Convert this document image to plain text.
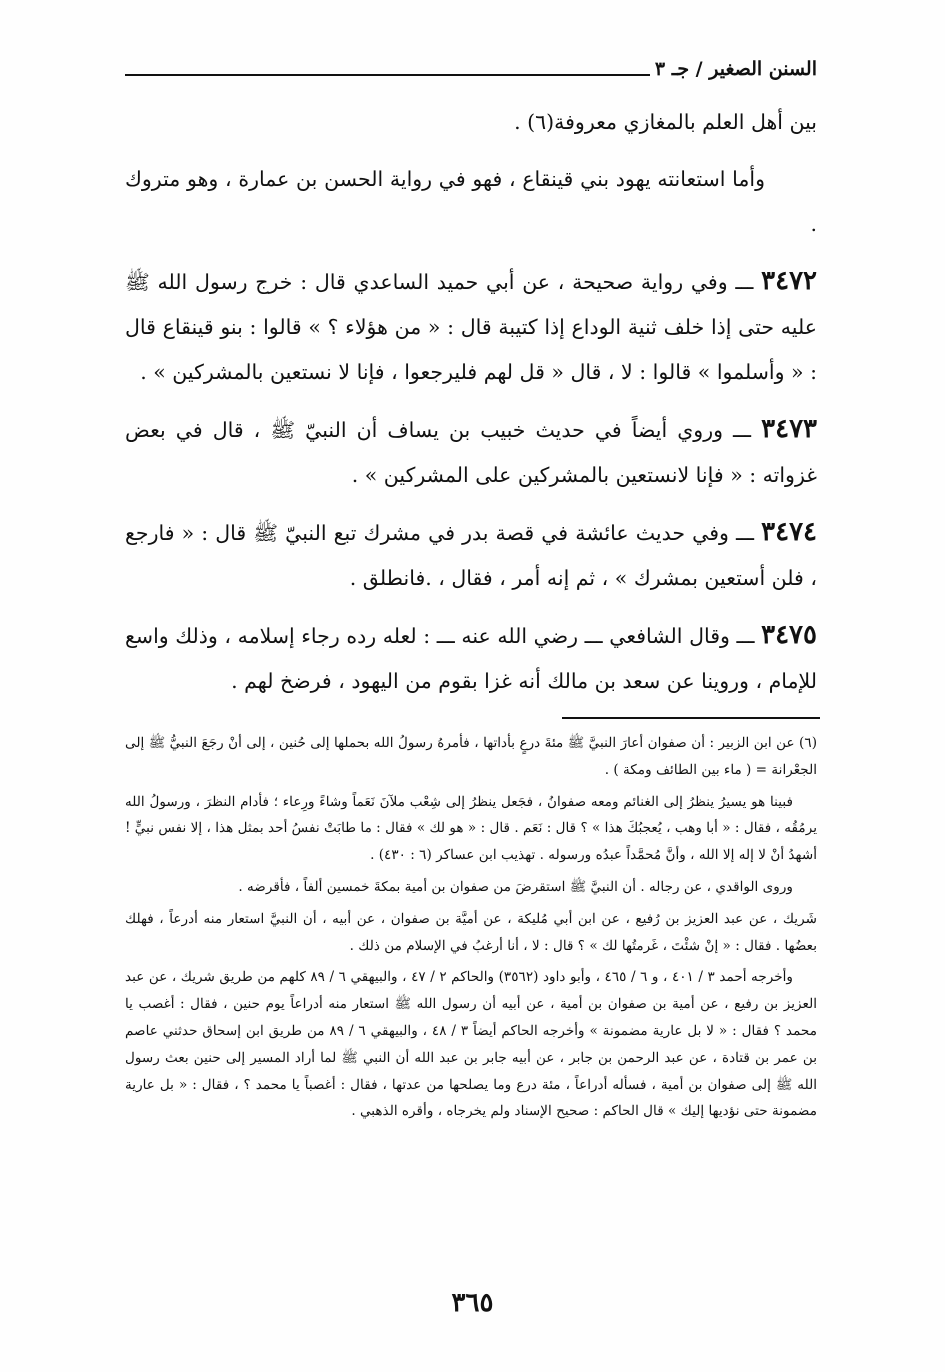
السنن الصغير / جـ ٣

بين أهل العلم بالمغازي معروفة(٦) .

وأما استعانته يهود بني قينقاع ، فهو في رواية الحسن بن عمارة ، وهو متروك .

٣٤٧٢ ـــ وفي رواية صحيحة ، عن أبي حميد الساعدي قال : خرج رسول الله ﷺ عليه حتى إذا خلف ثنية الوداع إذا كتيبة قال : « من هؤلاء ؟ » قالوا : بنو قينقاع قال : « وأسلموا » قالوا : لا ، قال « قل لهم فليرجعوا ، فإنا لا نستعين بالمشركين » .

٣٤٧٣ ـــ وروي أيضاً في حديث خبيب بن يساف أن النبيّ ﷺ ، قال في بعض غزواته : « فإنا لانستعين بالمشركين على المشركين » .

٣٤٧٤ ـــ وفي حديث عائشة في قصة بدر في مشرك تبع النبيّ ﷺ قال : « فارجع ، فلن أستعين بمشرك » ، ثم إنه أمر ، فقال ، .فانطلق .

٣٤٧٥ ـــ وقال الشافعي ـــ رضي الله عنه ـــ : لعله رده رجاء إسلامه ، وذلك واسع للإمام ، وروينا عن سعد بن مالك أنه غزا بقوم من اليهود ، فرضخ لهم .

(٦) عن ابن الزبير : أن صفوان أعارَ النبيَّ ﷺ مئةَ درعٍ بأداتها ، فأمرهُ رسولُ الله بحملها إلى حُنين ، إلى أنْ رجَعَ النبيُّ ﷺ إلى الجعْرانة = ( ماء بين الطائف ومكة ) .

فبينا هو يسيرُ ينظرُ إلى الغنائم ومعه صفوانُ ، فجَعل ينظرُ إلى شِعْب ملآنَ نَعَماً وشاءً ورِعاء ؛ فأدام النظرَ ، ورسولُ الله يرمُقُه ، فقال : « أبا وهب ، يُعجبُكَ هذا » ؟ قال : نَعَم . قال : « هو لك » فقال : ما طابَتْ نفسُ أحد بمثل هذا ، إلا نفس نبيٍّ ! أشهدُ أنْ لا إله إلا الله ، وأنَّ مُحمَّداً عبدُه ورسوله . تهذيب ابن عساكر (٦ : ٤٣٠) .

وروى الواقدي ، عن رجاله . أن النبيَّ ﷺ استقرضَ من صفوان بن أمية بمكةَ خمسين ألفاً ، فأقرضه .

شَريك ، عن عبد العزيز بن رُفيع ، عن ابن أبي مُليكة ، عن أميَّة بن صفوان ، عن أبيه ، أن النبيَّ استعار منه أدرعاً ، فهلك بعضُها . فقال : « إنْ شئْتَ ، غَرمتُها لك » ؟ قال : لا ، أنا أرغبُ في الإسلام من ذلك .

وأخرجه أحمد ٣ / ٤٠١ ، و ٦ / ٤٦٥ ، وأبو داود (٣٥٦٢) والحاكم ٢ / ٤٧ ، والبيهقي ٦ / ٨٩ كلهم من طريق شريك ، عن عبد العزيز بن رفيع ، عن أمية بن صفوان بن أمية ، عن أبيه أن رسول الله ﷺ استعار منه أدراعاً يوم حنين ، فقال : أغصب يا محمد ؟ فقال : « لا بل عارية مضمونة » وأخرجه الحاكم أيضاً ٣ / ٤٨ ، والبيهقي ٦ / ٨٩ من طريق ابن إسحاق حدثني عاصم بن عمر بن قتادة ، عن عبد الرحمن بن جابر ، عن أبيه جابر بن عبد الله أن النبي ﷺ لما أراد المسير إلى حنين بعث رسول الله ﷺ إلى صفوان بن أمية ، فسأله أدراعاً ، مئة درع وما يصلحها من عدتها ، فقال : أغصباً يا محمد ؟ ، فقال : « بل عارية مضمونة حتى نؤديها إليك » قال الحاكم : صحيح الإسناد ولم يخرجاه ، وأقره الذهبي .

٣٦٥
